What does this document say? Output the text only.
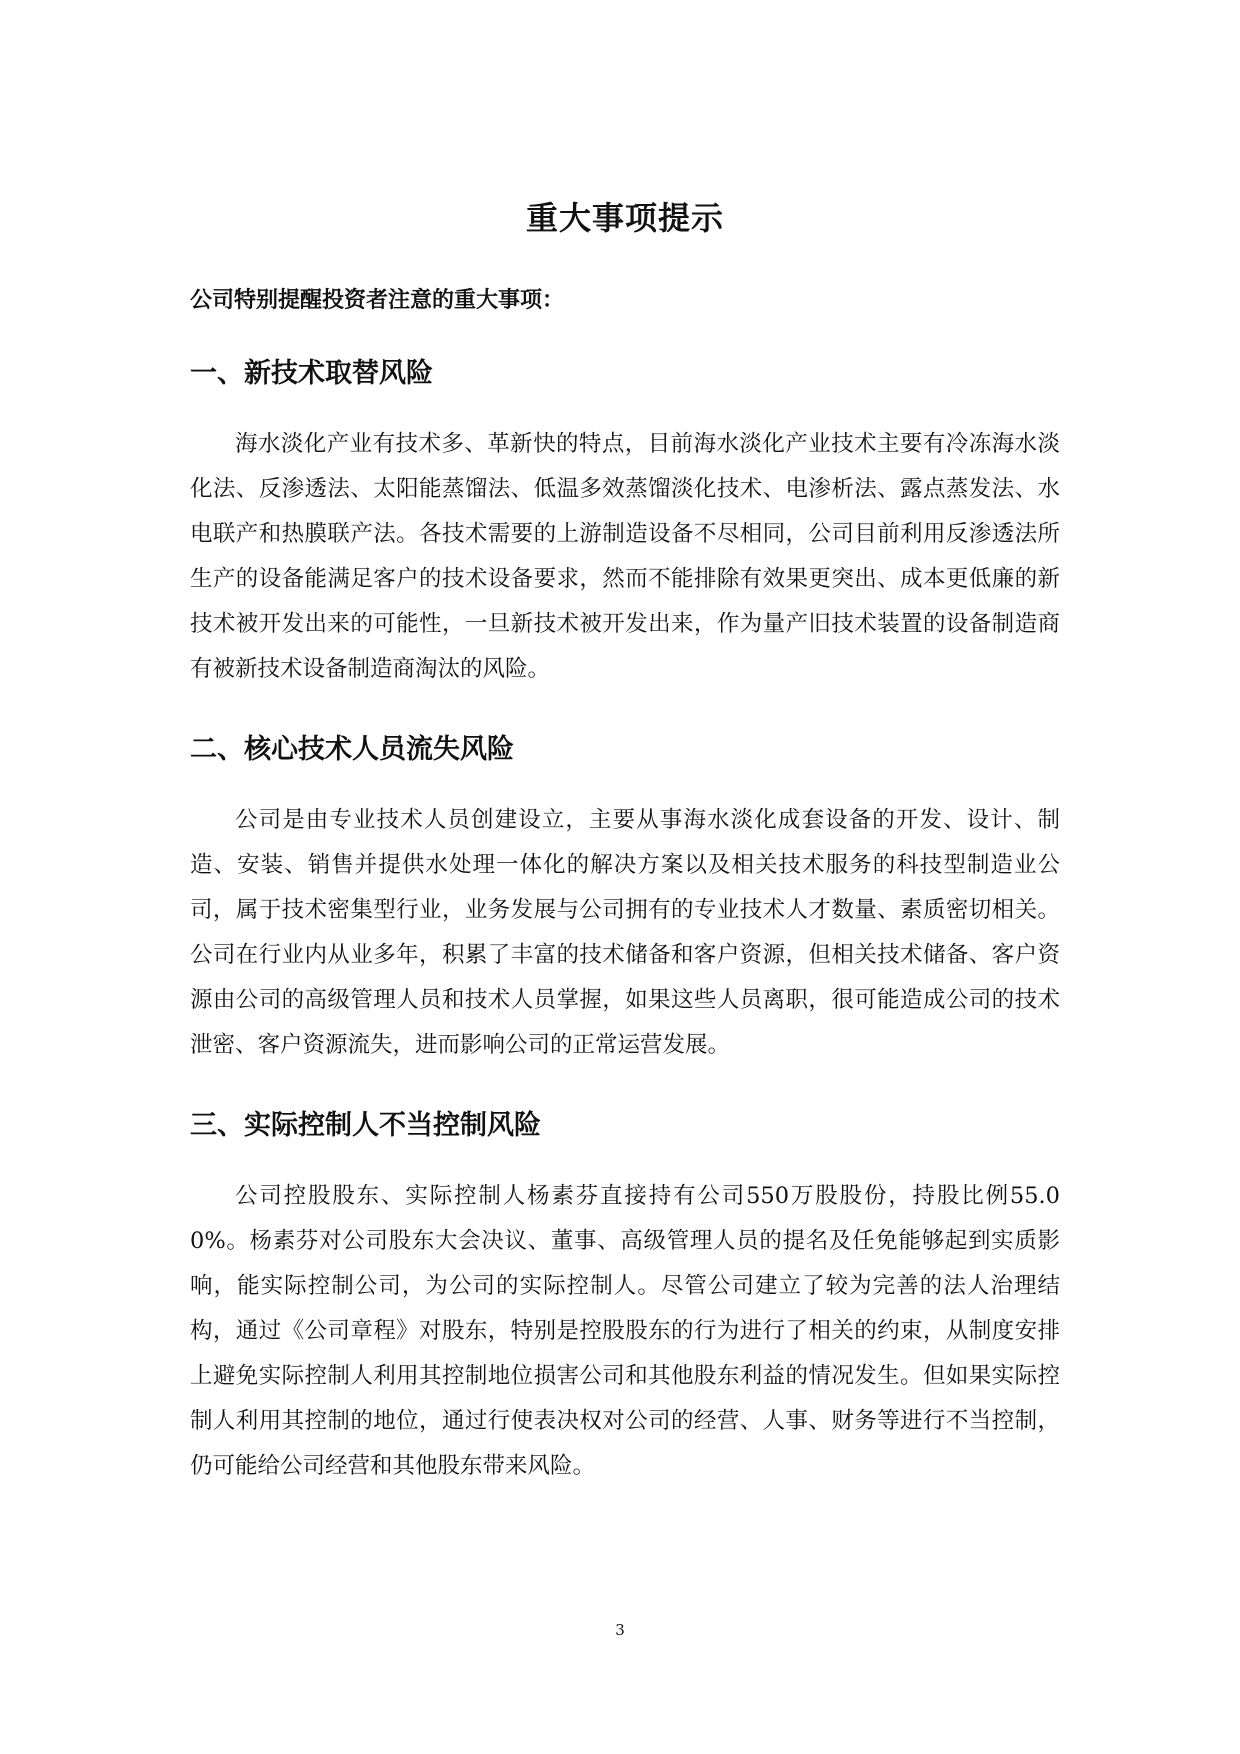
重大事项提示

公司特别提醒投资者注意的重大事项：

一、新技术取替风险

海水淡化产业有技术多、革新快的特点，目前海水淡化产业技术主要有冷冻海水淡化法、反渗透法、太阳能蒸馏法、低温多效蒸馏淡化技术、电渗析法、露点蒸发法、水电联产和热膜联产法。各技术需要的上游制造设备不尽相同，公司目前利用反渗透法所生产的设备能满足客户的技术设备要求，然而不能排除有效果更突出、成本更低廉的新技术被开发出来的可能性，一旦新技术被开发出来，作为量产旧技术装置的设备制造商有被新技术设备制造商淘汰的风险。

二、核心技术人员流失风险

公司是由专业技术人员创建设立，主要从事海水淡化成套设备的开发、设计、制造、安装、销售并提供水处理一体化的解决方案以及相关技术服务的科技型制造业公司，属于技术密集型行业，业务发展与公司拥有的专业技术人才数量、素质密切相关。公司在行业内从业多年，积累了丰富的技术储备和客户资源，但相关技术储备、客户资源由公司的高级管理人员和技术人员掌握，如果这些人员离职，很可能造成公司的技术泄密、客户资源流失，进而影响公司的正常运营发展。

三、实际控制人不当控制风险

公司控股股东、实际控制人杨素芬直接持有公司550万股股份，持股比例55.00%。杨素芬对公司股东大会决议、董事、高级管理人员的提名及任免能够起到实质影响，能实际控制公司，为公司的实际控制人。尽管公司建立了较为完善的法人治理结构，通过《公司章程》对股东，特别是控股股东的行为进行了相关的约束，从制度安排上避免实际控制人利用其控制地位损害公司和其他股东利益的情况发生。但如果实际控制人利用其控制的地位，通过行使表决权对公司的经营、人事、财务等进行不当控制，仍可能给公司经营和其他股东带来风险。

3
